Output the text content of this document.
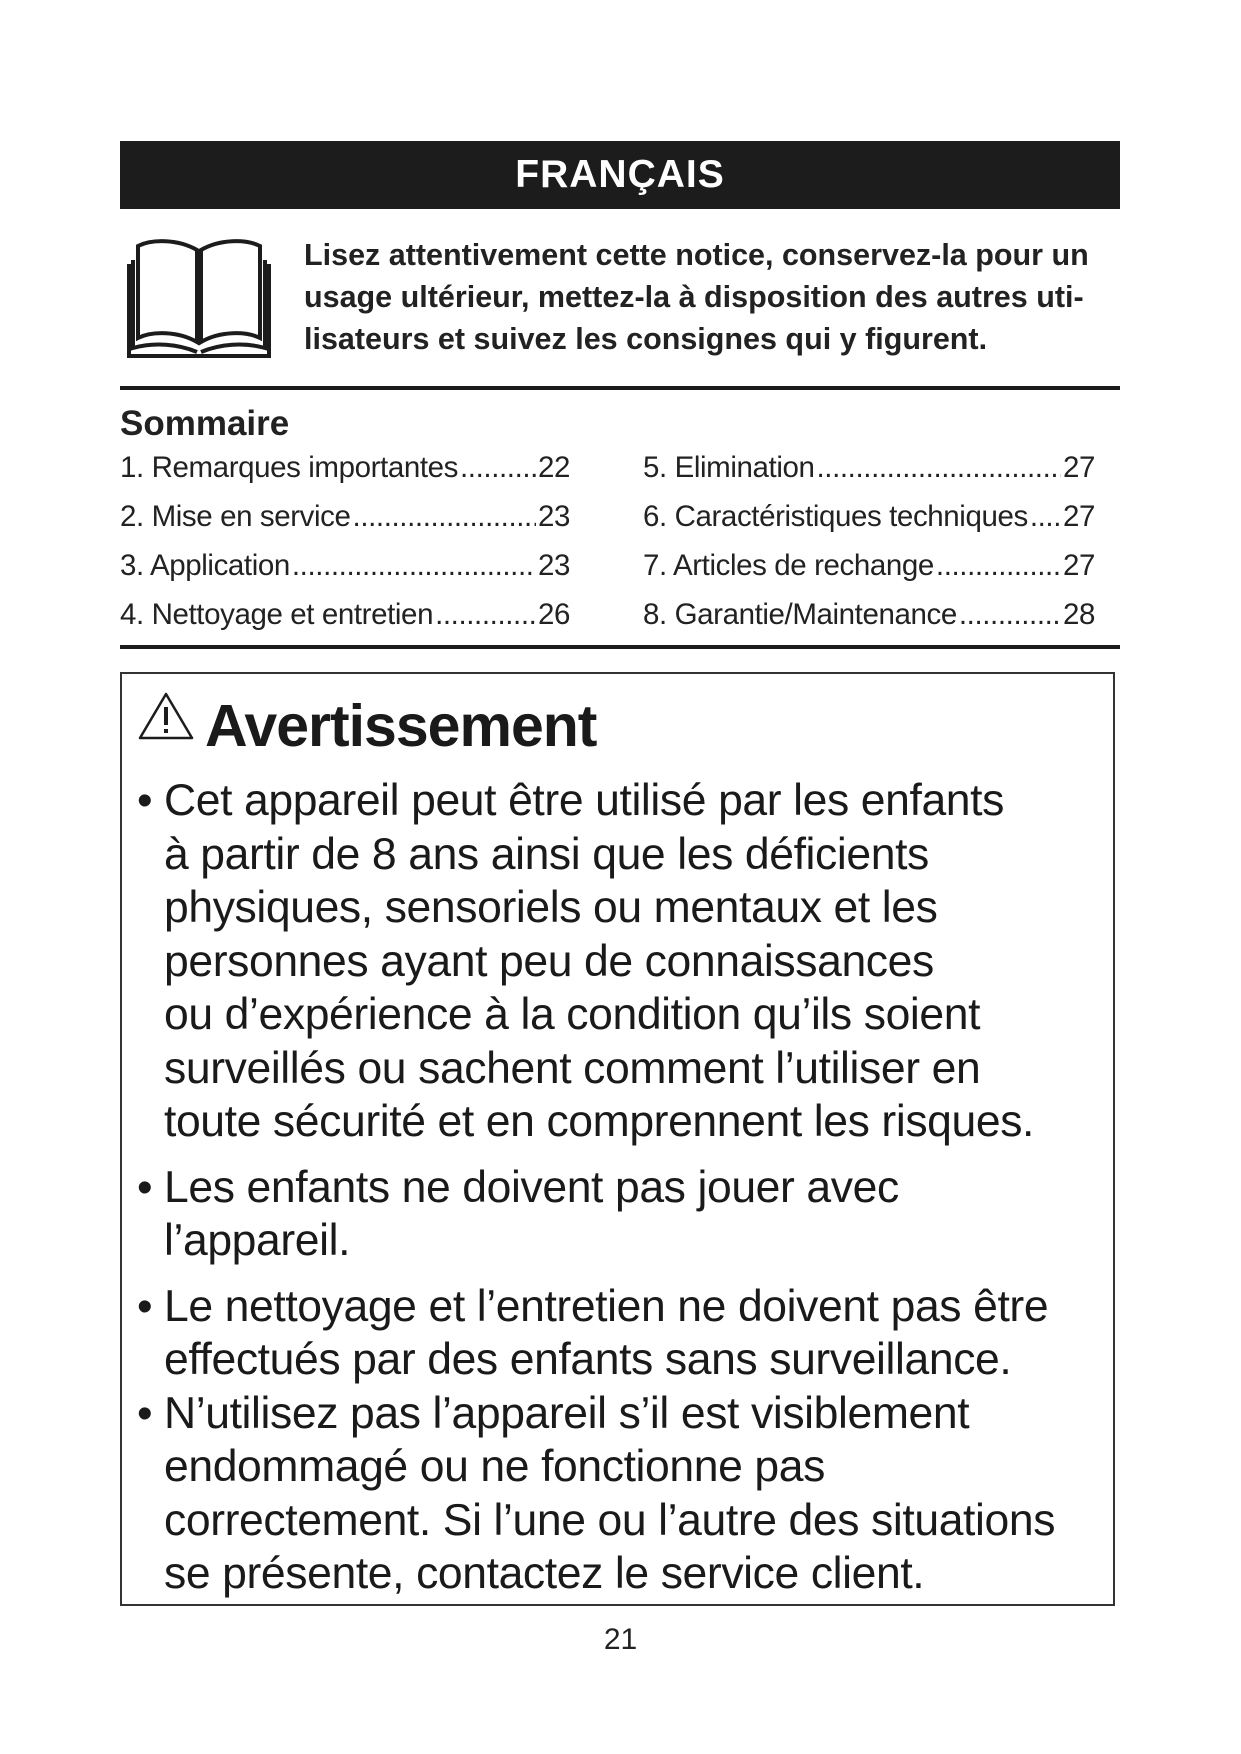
FRANÇAIS
Lisez attentivement cette notice, conservez-la pour un
usage ultérieur, mettez-la à disposition des autres uti-
lisateurs et suivez les consignes qui y figurent.
Sommaire
1. Remarques importantes .....	22
2. Mise en service .....	23
3. Application .....	23
4. Nettoyage et entretien .....	26
5. Elimination .....	27
6. Caractéristiques techniques ..... 27
7. Articles de rechange .....	27
8. Garantie/Maintenance .....	28
Avertissement
• Cet appareil peut être utilisé par les enfants
à partir de 8 ans ainsi que les déficients
physiques, sensoriels ou mentaux et les
personnes ayant peu de connaissances
ou d’expérience à la condition qu’ils soient
surveillés ou sachent comment l’utiliser en
toute sécurité et en comprennent les risques.
• Les enfants ne doivent pas jouer avec
l’appareil.
• Le nettoyage et l’entretien ne doivent pas être
effectués par des enfants sans surveillance.
• N’utilisez pas l’appareil s’il est visiblement
endommagé ou ne fonctionne pas
correctement. Si l’une ou l’autre des situations
se présente, contactez le service client.
21
